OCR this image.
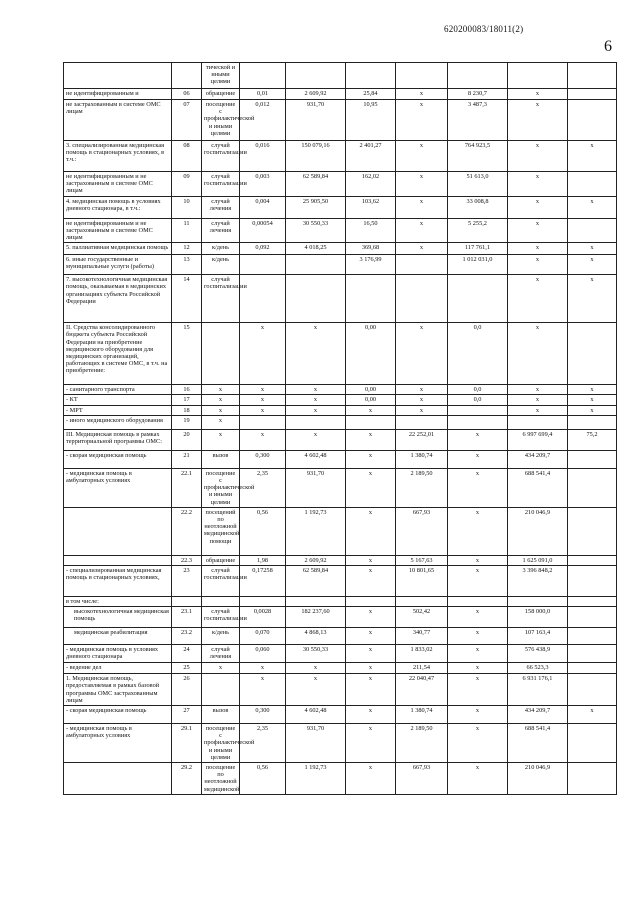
620200083/18011(2)
6
		тической и иными целями							
не идентифицированным и	06	обращение	0,01	2 609,92	25,84	x	8 230,7	x	
не застрахованным в системе ОМС лицам	07	посещение с профилактической и иными целями	0,012	931,70	10,95	x	3 487,3	x	
3. специализированная медицинская помощь в стационарных условиях, в т.ч.:	08	случай госпитализации	0,016	150 079,16	2 401,27	x	764 923,5	x	x
не идентифицированным и не застрахованным в системе ОМС лицам	09	случай госпитализации	0,003	62 589,84	162,02	x	51 613,0	x	
4. медицинская помощь в условиях дневного стационара, в т.ч.:	10	случай лечения	0,004	25 905,50	103,62	x	33 008,8	x	x
не идентифицированным и не застрахованным в системе ОМС лицам	11	случай лечения	0,00054	30 550,33	16,50	x	5 255,2	x	
5. паллиативная медицинская помощь	12	к/день	0,092	4 018,25	369,68	x	117 761,1	x	x
6. иные государственные и муниципальные услуги (работы)	13	к/день			3 176,99		1 012 031,0	x	x
7. высокотехнологичная медицинская помощь, оказываемая в медицинских организациях субъекта Российской Федерации	14	случай госпитализации						x	x
II. Средства консолидированного бюджета субъекта Российской Федерации на приобретение медицинского оборудования для медицинских организаций, работающих в системе ОМС, в т.ч. на приобретение:	15		x	x	0,00	x	0,0	x	
- санитарного транспорта	16	x	x	x	0,00	x	0,0	x	x
- КТ	17	x	x	x	0,00	x	0,0	x	x
- МРТ	18	x	x	x	x	x		x	x
- иного медицинского оборудования	19	x							
III. Медицинская помощь в рамках территориальной программы ОМС:	20	x	x	x	x	22 252,01	x	6 997 699,4	75,2
- скорая медицинская помощь	21	вызов	0,300	4 602,48	x	1 380,74	x	434 209,7	
- медицинская помощь в амбулаторных условиях	22.1	посещение с профилактической и иными целями	2,35	931,70	x	2 189,50	x	688 541,4	
	22.2	посещений по неотложной медицинской помощи	0,56	1 192,73	x	667,93	x	210 046,9	
	22.3	обращение	1,98	2 609,92	x	5 167,63	x	1 625 091,0	
- специализированная медицинская помощь в стационарных условиях,	23	случай госпитализации	0,17258	62 589,84	x	10 801,65	x	3 396 848,2	
в том числе:									
высокотехнологичная медицинская помощь	23.1	случай госпитализации	0,0028	182 237,60	x	502,42	x	158 000,0	
медицинская реабилитация	23.2	к/день	0,070	4 868,13	x	340,77	x	107 163,4	
- медицинская помощь в условиях дневного стационара	24	случай лечения	0,060	30 550,33	x	1 833,02	x	576 438,9	
- ведение дел	25	x	x	x	x	211,54	x	66 523,3	
1. Медицинская помощь, предоставляемая в рамках базовой программы ОМС застрахованным лицам	26		x	x	x	22 040,47	x	6 931 176,1	
- скорая медицинская помощь	27	вызов	0,300	4 602,48	x	1 380,74	x	434 209,7	x
- медицинская помощь в амбулаторных условиях	29.1	посещение с профилактической и иными целями	2,35	931,70	x	2 189,50	x	688 541,4	
	29.2	посещение по неотложной медицинской	0,56	1 192,73	x	667,93	x	210 046,9	
